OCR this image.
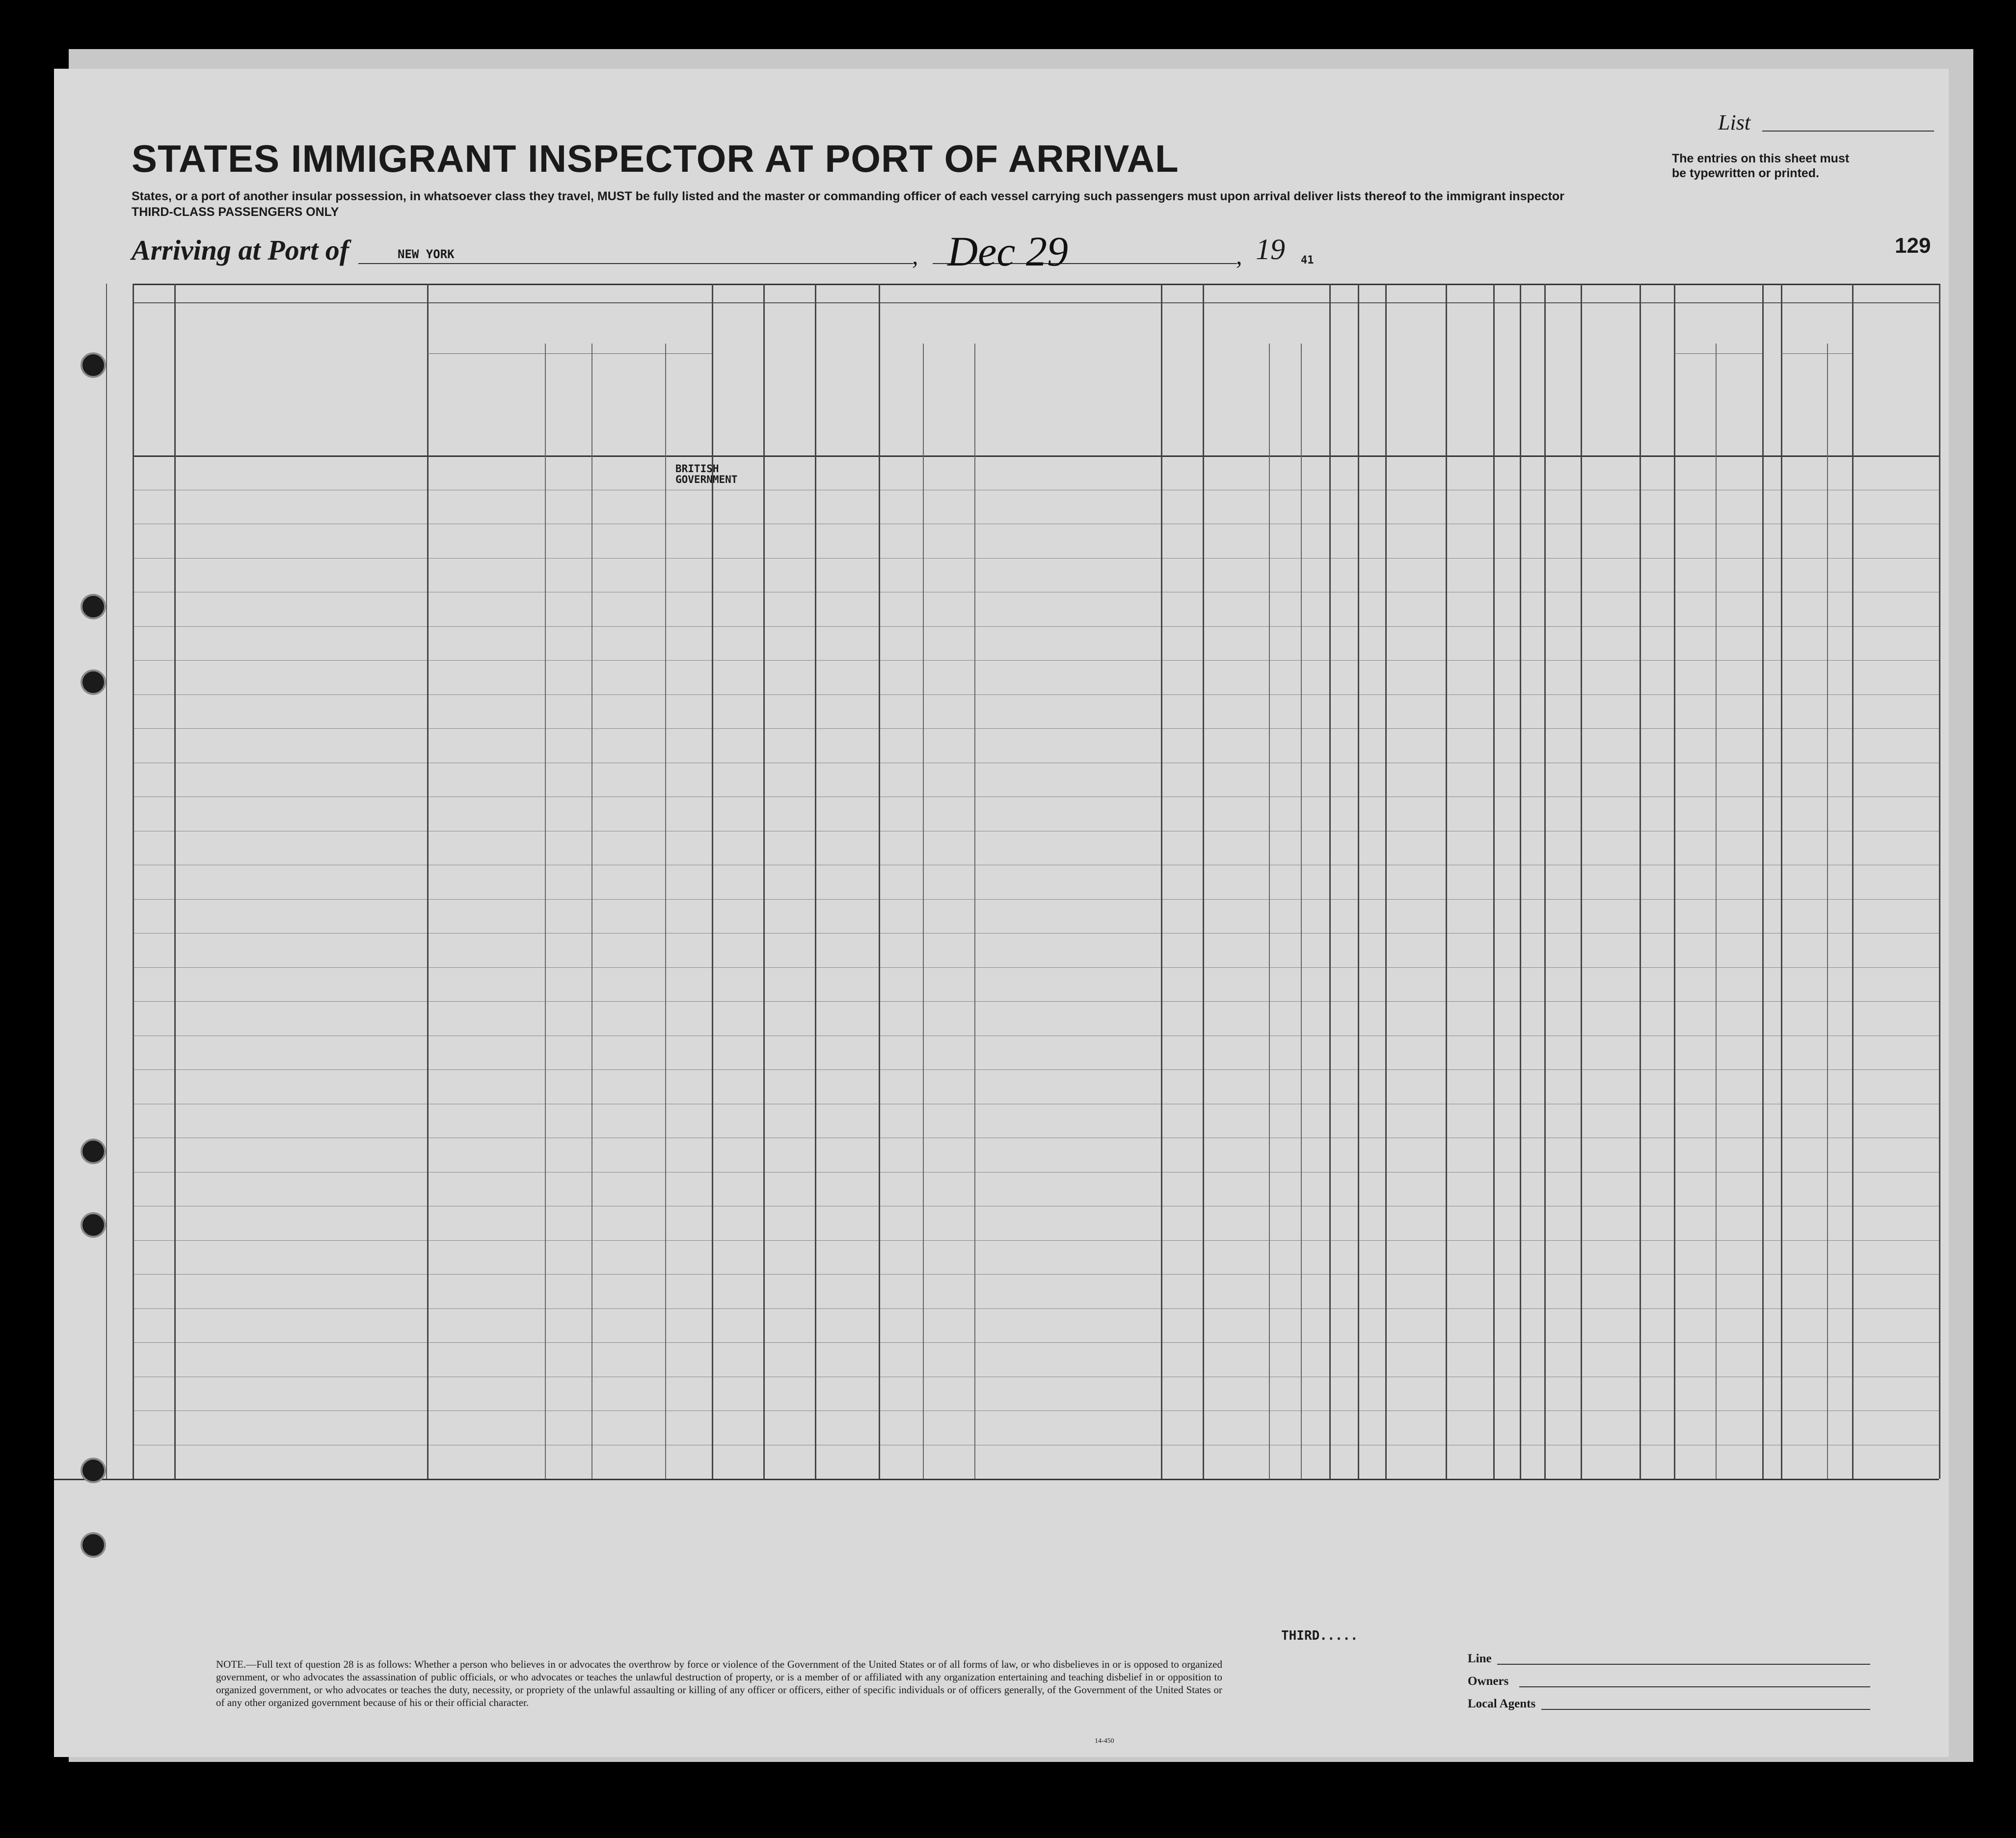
List
STATES IMMIGRANT INSPECTOR AT PORT OF ARRIVAL	The entries on this sheet must
be typewritten or printed.
States, or a port of another insular possession, in whatsoever class they travel, MUST be fully listed and the master or commanding officer of each vessel carrying such passengers must upon arrival deliver lists thereof to the immigrant inspector
THIRD-CLASS PASSENGERS ONLY
Arriving at Port of	NEW YORK	, Dec 29	, 19 41
129
BRITISH GOVERNMENT
THIRD.....
NOTE.—Full text of question 28 is as follows: Whether a person who believes in or advocates the overthrow by force or violence of the Government of the United States or of all forms of law, or who disbelieves in or is opposed to organized government, or who advocates the assassination of public officials, or who advocates or teaches the unlawful destruction of property, or is a member of or affiliated with any organization entertaining and teaching disbelief in or opposition to organized government, or who advocates or teaches the duty, necessity, or propriety of the unlawful assaulting or killing of any officer or officers, either of specific individuals or of officers generally, of the Government of the United States or of any other organized government because of his or their official character.
14-450
Line
Owners
Local Agents
